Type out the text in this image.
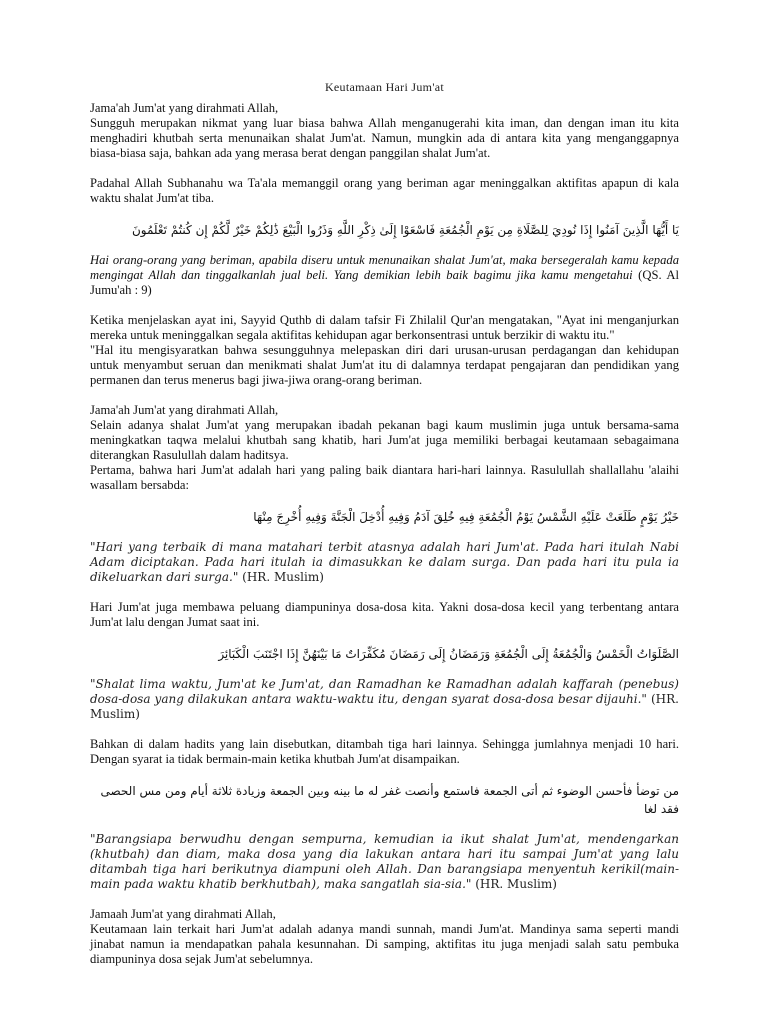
Keutamaan Hari Jum'at

Jama'ah Jum'at yang dirahmati Allah,
Sungguh merupakan nikmat yang luar biasa bahwa Allah menganugerahi kita iman, dan dengan iman itu kita menghadiri khutbah serta menunaikan shalat Jum'at. Namun, mungkin ada di antara kita yang menganggapnya biasa-biasa saja, bahkan ada yang merasa berat dengan panggilan shalat Jum'at.

Padahal Allah Subhanahu wa Ta'ala memanggil orang yang beriman agar meninggalkan aktifitas apapun di kala waktu shalat Jum'at tiba.

يَا أَيُّهَا الَّذِينَ آمَنُوا إِذَا نُودِيَ لِلصَّلَاةِ مِن يَوْمِ الْجُمُعَةِ فَاسْعَوْا إِلَىٰ ذِكْرِ اللَّهِ وَذَرُوا الْبَيْعَ ذَٰلِكُمْ خَيْرٌ لَّكُمْ إِن كُنتُمْ تَعْلَمُونَ

Hai orang-orang yang beriman, apabila diseru untuk menunaikan shalat Jum'at, maka bersegeralah kamu kepada mengingat Allah dan tinggalkanlah jual beli. Yang demikian lebih baik bagimu jika kamu mengetahui (QS. Al Jumu'ah : 9)

Ketika menjelaskan ayat ini, Sayyid Quthb di dalam tafsir Fi Zhilalil Qur'an mengatakan, "Ayat ini menganjurkan mereka untuk meninggalkan segala aktifitas kehidupan agar berkonsentrasi untuk berzikir di waktu itu."
"Hal itu mengisyaratkan bahwa sesungguhnya melepaskan diri dari urusan-urusan perdagangan dan kehidupan untuk menyambut seruan dan menikmati shalat Jum'at itu di dalamnya terdapat pengajaran dan pendidikan yang permanen dan terus menerus bagi jiwa-jiwa orang-orang beriman.

Jama'ah Jum'at yang dirahmati Allah,
Selain adanya shalat Jum'at yang merupakan ibadah pekanan bagi kaum muslimin juga untuk bersama-sama meningkatkan taqwa melalui khutbah sang khatib, hari Jum'at juga memiliki berbagai keutamaan sebagaimana diterangkan Rasulullah dalam haditsya.
Pertama, bahwa hari Jum'at adalah hari yang paling baik diantara hari-hari lainnya. Rasulullah shallallahu 'alaihi wasallam bersabda:

خَيْرُ يَوْمٍ طَلَعَتْ عَلَيْهِ الشَّمْسُ يَوْمُ الْجُمُعَةِ فِيهِ خُلِقَ آدَمُ وَفِيهِ أُدْخِلَ الْجَنَّةَ وَفِيهِ أُخْرِجَ مِنْهَا

"Hari yang terbaik di mana matahari terbit atasnya adalah hari Jum'at. Pada hari itulah Nabi Adam diciptakan. Pada hari itulah ia dimasukkan ke dalam surga. Dan pada hari itu pula ia dikeluarkan dari surga." (HR. Muslim)

Hari Jum'at juga membawa peluang diampuninya dosa-dosa kita. Yakni dosa-dosa kecil yang terbentang antara Jum'at lalu dengan Jumat saat ini.

الصَّلَوَاتُ الْخَمْسُ وَالْجُمُعَةُ إِلَى الْجُمُعَةِ وَرَمَضَانُ إِلَى رَمَضَانَ مُكَفِّرَاتٌ مَا بَيْنَهُنَّ إِذَا اجْتَنَبَ الْكَبَائِرَ

"Shalat lima waktu, Jum'at ke Jum'at, dan Ramadhan ke Ramadhan adalah kaffarah (penebus) dosa-dosa yang dilakukan antara waktu-waktu itu, dengan syarat dosa-dosa besar dijauhi." (HR. Muslim)

Bahkan di dalam hadits yang lain disebutkan, ditambah tiga hari lainnya. Sehingga jumlahnya menjadi 10 hari. Dengan syarat ia tidak bermain-main ketika khutbah Jum'at disampaikan.

من توضأ فأحسن الوضوء ثم أتى الجمعة فاستمع وأنصت غفر له ما بينه وبين الجمعة وزيادة ثلاثة أيام ومن مس الحصى فقد لغا

"Barangsiapa berwudhu dengan sempurna, kemudian ia ikut shalat Jum'at, mendengarkan (khutbah) dan diam, maka dosa yang dia lakukan antara hari itu sampai Jum'at yang lalu ditambah tiga hari berikutnya diampuni oleh Allah. Dan barangsiapa menyentuh kerikil(main-main pada waktu khatib berkhutbah), maka sangatlah sia-sia." (HR. Muslim)

Jamaah Jum'at yang dirahmati Allah,
Keutamaan lain terkait hari Jum'at adalah adanya mandi sunnah, mandi Jum'at. Mandinya sama seperti mandi jinabat namun ia mendapatkan pahala kesunnahan. Di samping, aktifitas itu juga menjadi salah satu pembuka diampuninya dosa sejak Jum'at sebelumnya.
